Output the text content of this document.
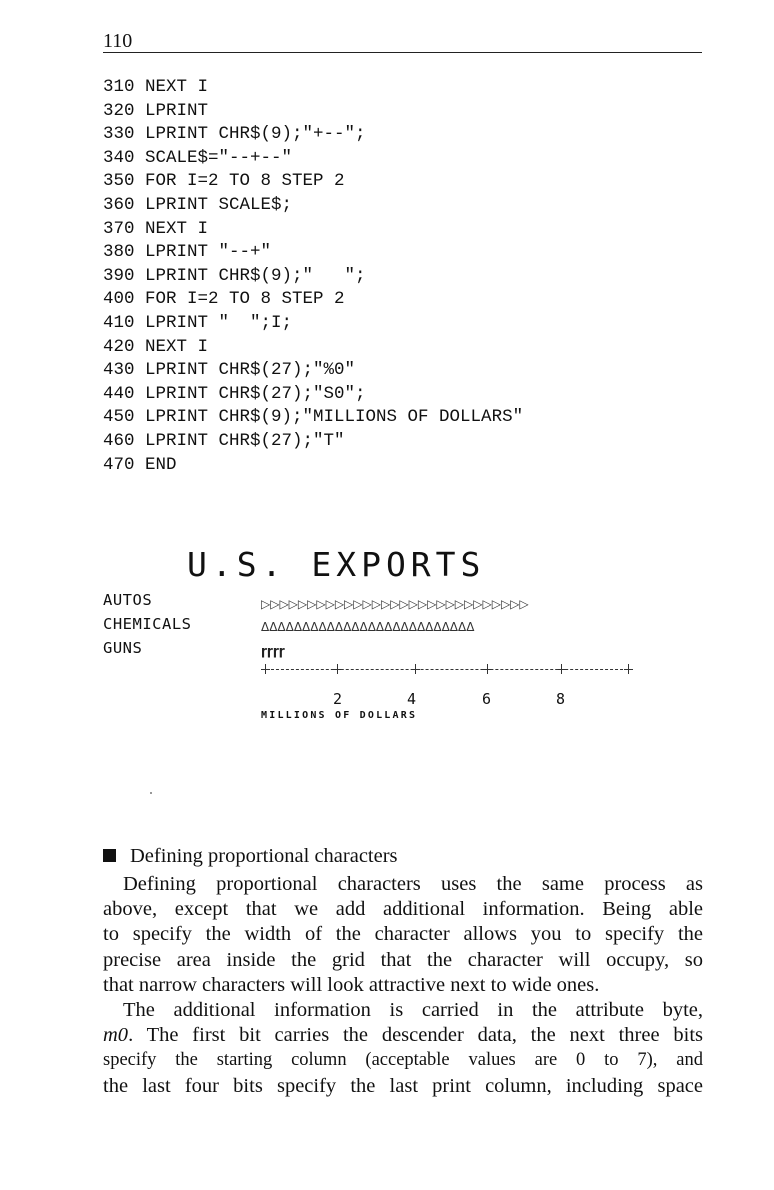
110
310 NEXT I
320 LPRINT
330 LPRINT CHR$(9);"+--";
340 SCALE$="--+--"
350 FOR I=2 TO 8 STEP 2
360 LPRINT SCALE$;
370 NEXT I
380 LPRINT "--+"
390 LPRINT CHR$(9);"   ";
400 FOR I=2 TO 8 STEP 2
410 LPRINT "  ";I;
420 NEXT I
430 LPRINT CHR$(27);"%0"
440 LPRINT CHR$(27);"S0";
450 LPRINT CHR$(9);"MILLIONS OF DOLLARS"
460 LPRINT CHR$(27);"T"
470 END
U.S. EXPORTS
AUTOS	▷▷▷▷▷▷▷▷▷▷▷▷▷▷▷▷▷▷▷▷▷▷▷▷▷▷▷▷▷
CHEMICALS	ᐃᐃᐃᐃᐃᐃᐃᐃᐃᐃᐃᐃᐃᐃᐃᐃᐃᐃᐃᐃᐃᐃᐃᐃᐃᐃ
GUNS	ɼɼɼɼ
2	4	6	8
MILLIONS OF DOLLARS
Defining proportional characters

Defining proportional characters uses the same process as
above, except that we add additional information. Being able
to specify the width of the character allows you to specify the
precise area inside the grid that the character will occupy, so
that narrow characters will look attractive next to wide ones.

The additional information is carried in the attribute byte,
m0. The first bit carries the descender data, the next three bits
specify the starting column (acceptable values are 0 to 7), and
the last four bits specify the last print column, including space
